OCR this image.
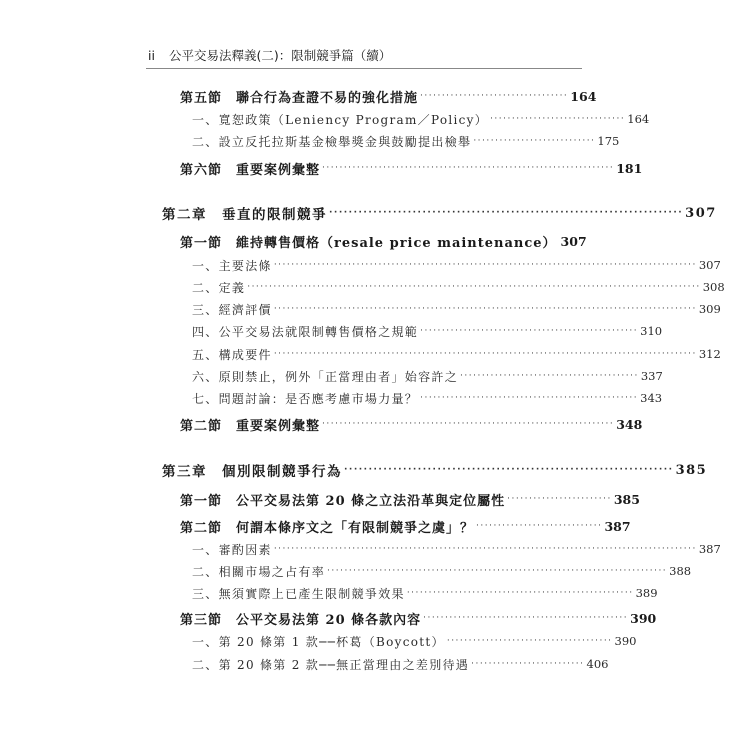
ii 公平交易法釋義(二)：限制競爭篇（續）
第五節　聯合行為查證不易的強化措施 ·································· 164
一、寬恕政策（Leniency Program／Policy） ······························· 164
二、設立反托拉斯基金檢舉獎金與鼓勵提出檢舉 ···························· 175
第六節　重要案例彙整 ··································································· 181
第二章　垂直的限制競爭 ········································································ 307
第一節　維持轉售價格（resale price maintenance） 307
一、主要法條 ································································································· 307
二、定義 ········································································································ 308
三、經濟評價 ································································································· 309
四、公平交易法就限制轉售價格之規範 ·················································· 310
五、構成要件 ································································································· 312
六、原則禁止，例外「正當理由者」始容許之 ········································· 337
七、問題討論：是否應考慮市場力量？ ·················································· 343
第二節　重要案例彙整 ··································································· 348
第三章　個別限制競爭行為 ··································································· 385
第一節　公平交易法第 20 條之立法沿革與定位屬性 ························ 385
第二節　何謂本條序文之「有限制競爭之虞」？ ····························· 387
一、審酌因素 ································································································· 387
二、相關市場之占有率 ·············································································· 388
三、無須實際上已產生限制競爭效果 ···················································· 389
第三節　公平交易法第 20 條各款內容 ··············································· 390
一、第 20 條第 1 款──杯葛（Boycott） ······································ 390
二、第 20 條第 2 款──無正當理由之差別待遇 ·························· 406
